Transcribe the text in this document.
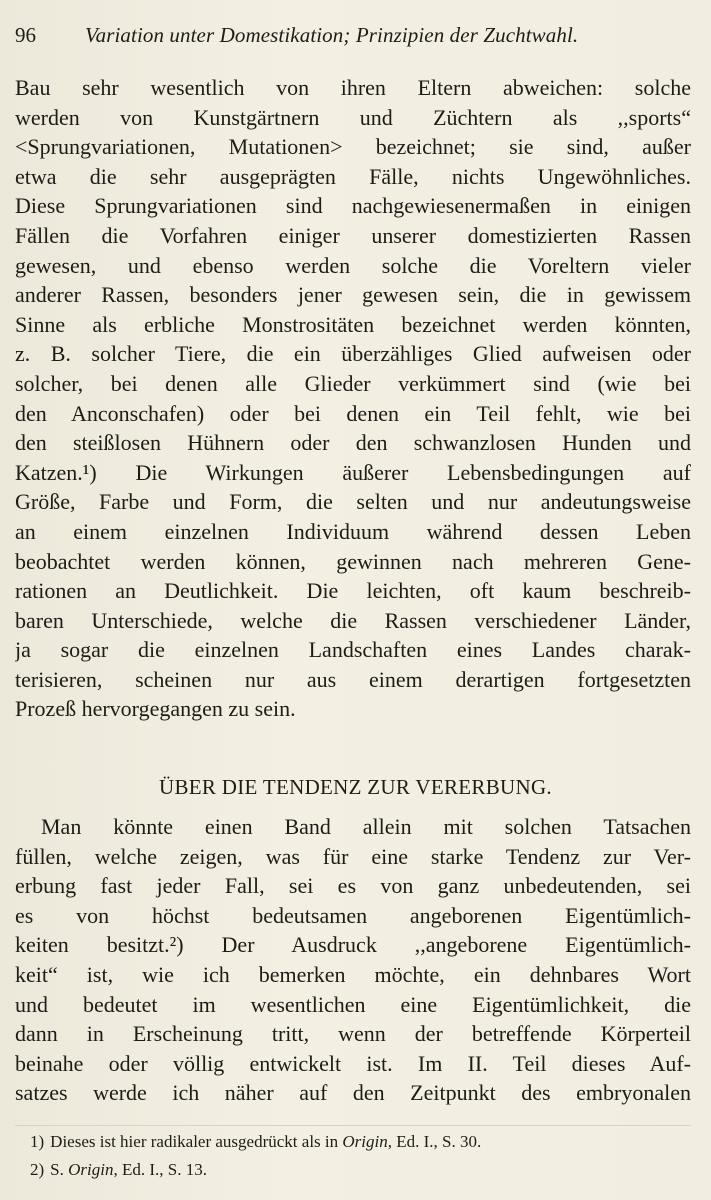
96 Variation unter Domestikation; Prinzipien der Zuchtwahl.
Bau sehr wesentlich von ihren Eltern abweichen: solche
werden von Kunstgärtnern und Züchtern als ,,sports“
<Sprungvariationen, Mutationen> bezeichnet; sie sind, außer
etwa die sehr ausgeprägten Fälle, nichts Ungewöhnliches.
Diese Sprungvariationen sind nachgewiesenermaßen in einigen
Fällen die Vorfahren einiger unserer domestizierten Rassen
gewesen, und ebenso werden solche die Voreltern vieler
anderer Rassen, besonders jener gewesen sein, die in gewissem
Sinne als erbliche Monstrositäten bezeichnet werden könnten,
z. B. solcher Tiere, die ein überzähliges Glied aufweisen oder
solcher, bei denen alle Glieder verkümmert sind (wie bei
den Anconschafen) oder bei denen ein Teil fehlt, wie bei
den steißlosen Hühnern oder den schwanzlosen Hunden und
Katzen.¹) Die Wirkungen äußerer Lebensbedingungen auf
Größe, Farbe und Form, die selten und nur andeutungsweise
an einem einzelnen Individuum während dessen Leben
beobachtet werden können, gewinnen nach mehreren Gene-
rationen an Deutlichkeit. Die leichten, oft kaum beschreib-
baren Unterschiede, welche die Rassen verschiedener Länder,
ja sogar die einzelnen Landschaften eines Landes charak-
terisieren, scheinen nur aus einem derartigen fortgesetzten
Prozeß hervorgegangen zu sein.
ÜBER DIE TENDENZ ZUR VERERBUNG.
Man könnte einen Band allein mit solchen Tatsachen
füllen, welche zeigen, was für eine starke Tendenz zur Ver-
erbung fast jeder Fall, sei es von ganz unbedeutenden, sei
es von höchst bedeutsamen angeborenen Eigentümlich-
keiten besitzt.²) Der Ausdruck ,,angeborene Eigentümlich-
keit“ ist, wie ich bemerken möchte, ein dehnbares Wort
und bedeutet im wesentlichen eine Eigentümlichkeit, die
dann in Erscheinung tritt, wenn der betreffende Körperteil
beinahe oder völlig entwickelt ist. Im II. Teil dieses Auf-
satzes werde ich näher auf den Zeitpunkt des embryonalen
1) Dieses ist hier radikaler ausgedrückt als in Origin, Ed. I., S. 30.
2) S. Origin, Ed. I., S. 13.
